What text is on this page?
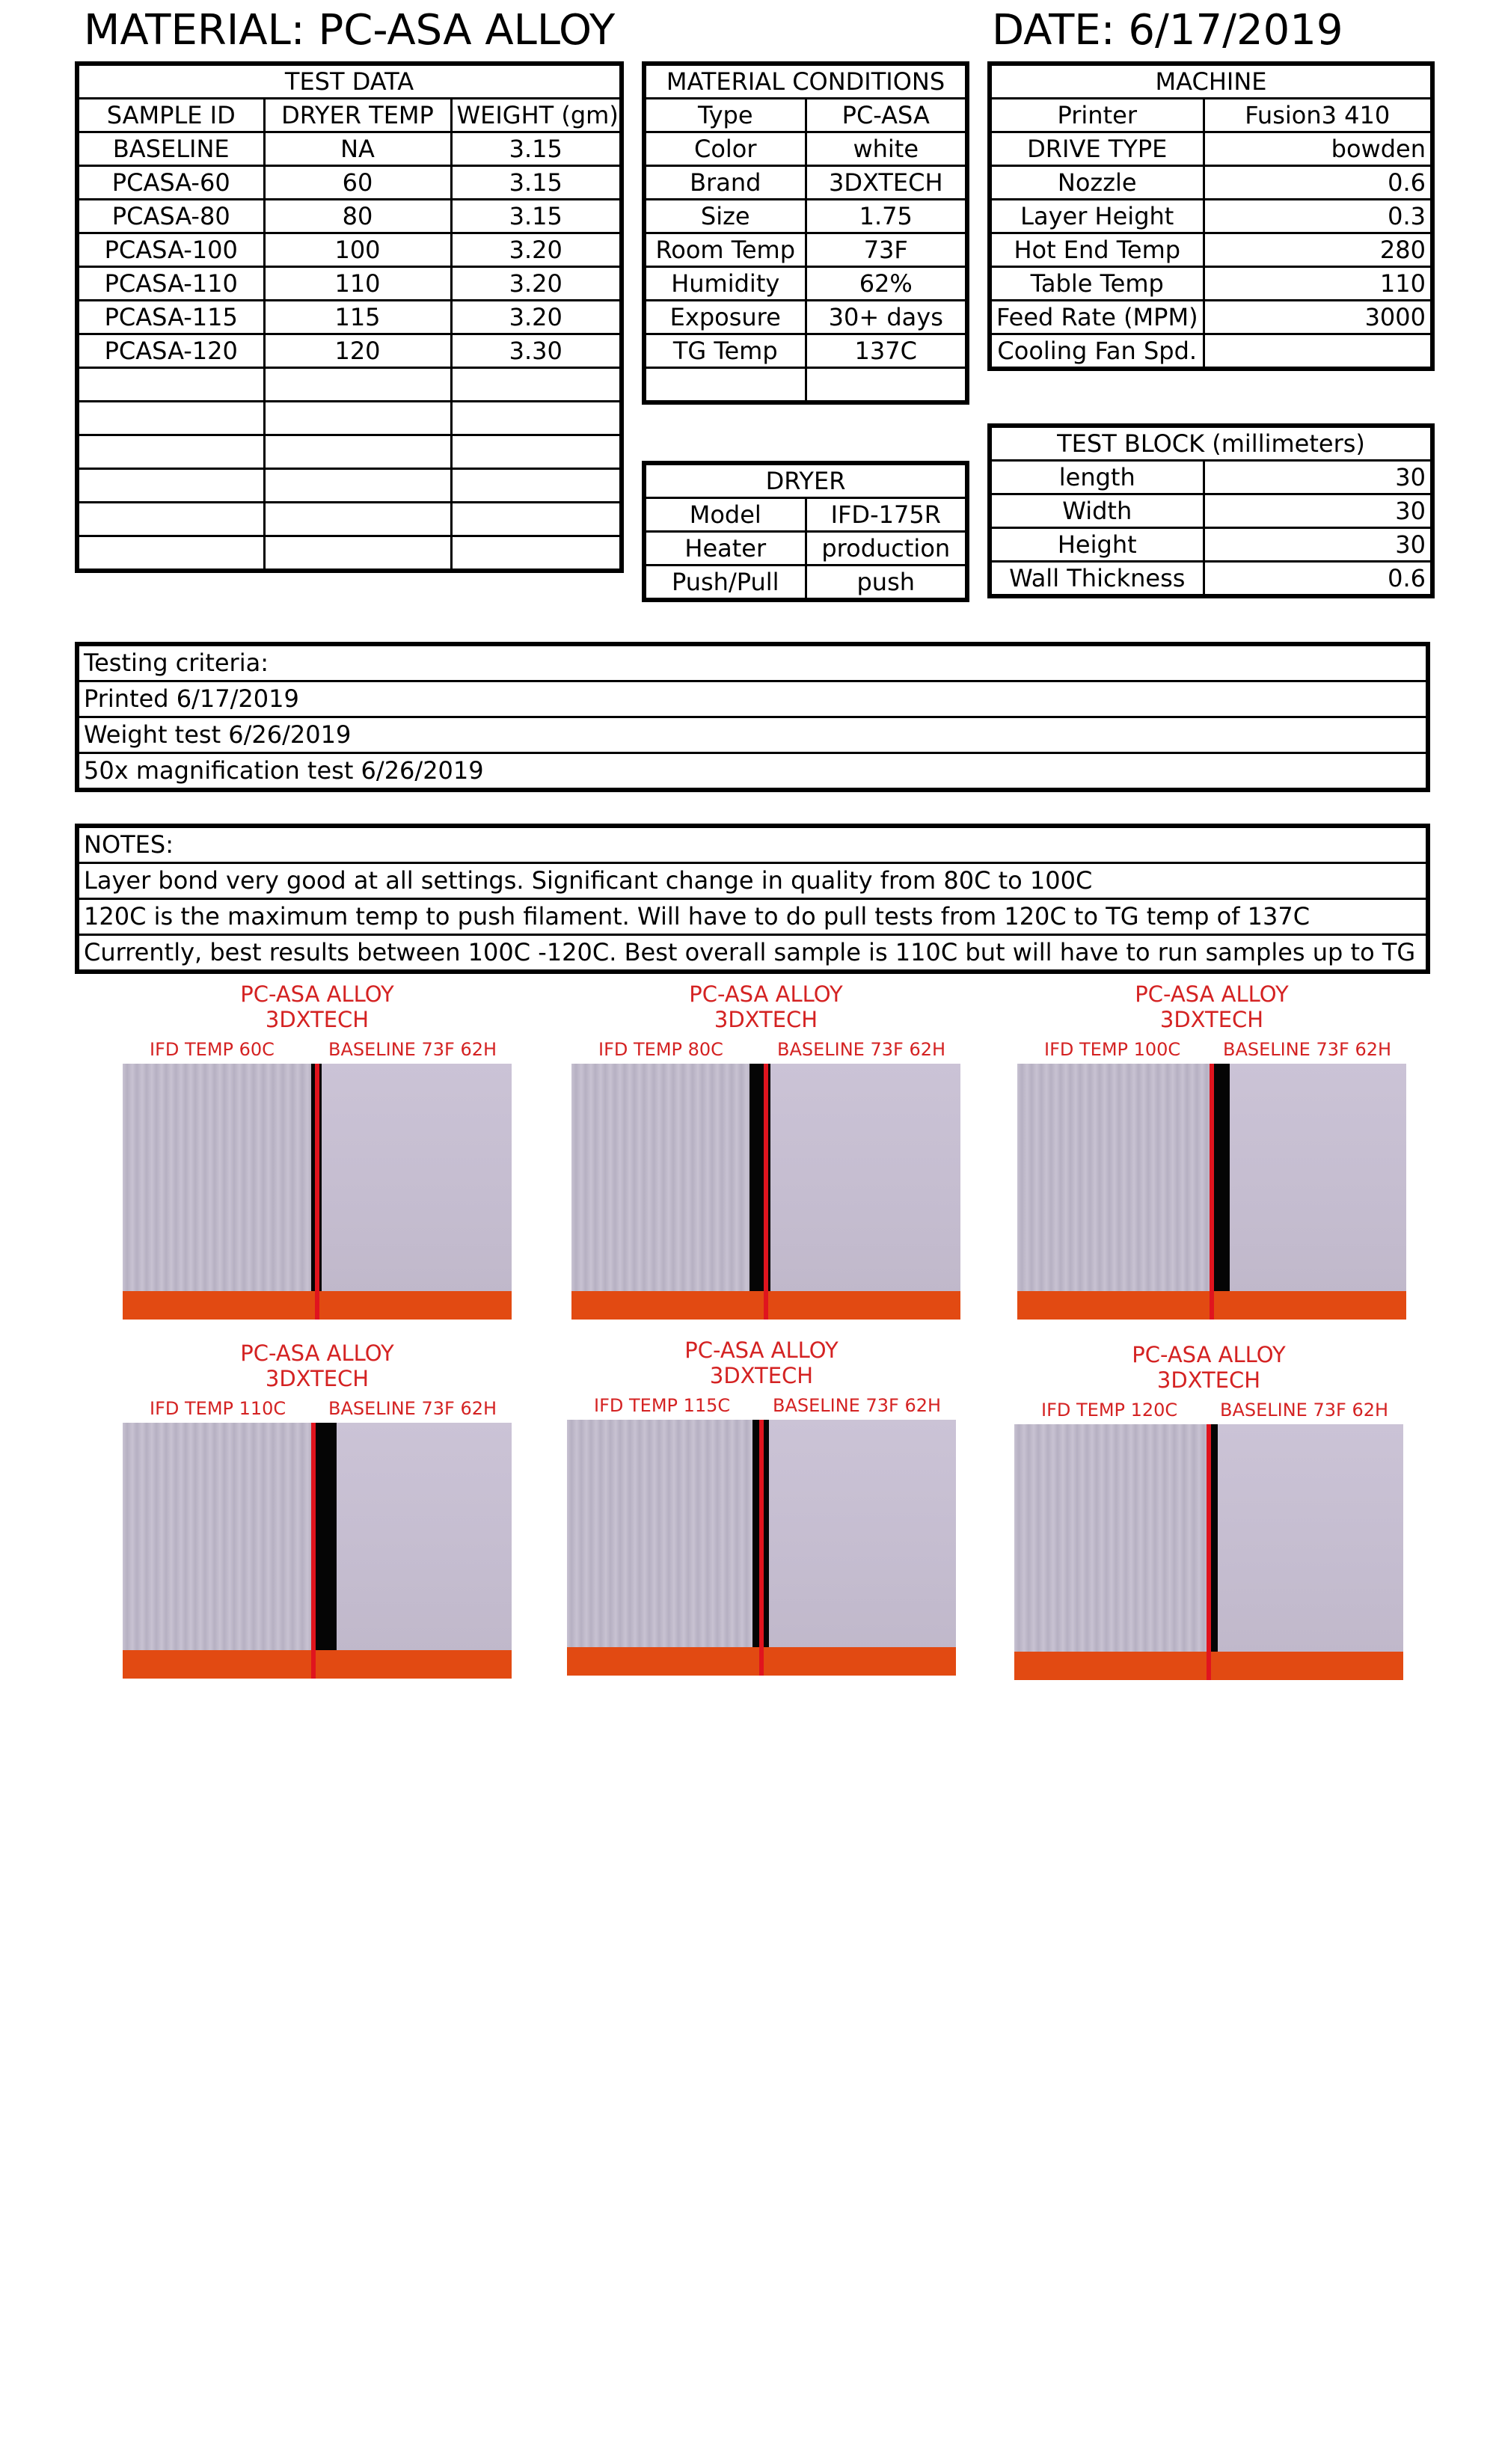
MATERIAL: PC-ASA ALLOY	DATE: 6/17/2019
TEST DATA		
SAMPLE ID	DRYER TEMP	WEIGHT (gm)
BASELINE	NA	3.15
PCASA-60	60	3.15
PCASA-80	80	3.15
PCASA-100	100	3.20
PCASA-110	110	3.20
PCASA-115	115	3.20
PCASA-120	120	3.30

MATERIAL CONDITIONS	
Type	PC-ASA
Color	white
Brand	3DXTECH
Size	1.75
Room Temp	73F
Humidity	62%
Exposure	30+ days
TG Temp	137C

DRYER	
Model	IFD-175R
Heater	production
Push/Pull	push
MACHINE	
Printer	Fusion3 410
DRIVE TYPE	bowden
Nozzle	0.6
Layer Height	0.3
Hot End Temp	280
Table Temp	110
Feed Rate (MPM)	3000
Cooling Fan Spd.	
TEST BLOCK (millimeters)	
length	30
Width	30
Height	30
Wall Thickness	0.6
Testing criteria:
Printed 6/17/2019
Weight test 6/26/2019
50x magnification test 6/26/2019
NOTES:
Layer bond very good at all settings. Significant change in quality from 80C to 100C
120C is the maximum temp to push filament. Will have to do pull tests from 120C to TG temp of 137C
Currently, best results between 100C -120C. Best overall sample is 110C but will have to run samples up to TG
PC-ASA ALLOY
3DXTECH
IFD TEMP 60C	BASELINE 73F 62H
PC-ASA ALLOY
3DXTECH
IFD TEMP 80C	BASELINE 73F 62H
PC-ASA ALLOY
3DXTECH
IFD TEMP 100C BASELINE 73F 62H
PC-ASA ALLOY
3DXTECH
IFD TEMP 110C BASELINE 73F 62H
PC-ASA ALLOY
3DXTECH
IFD TEMP 115C BASELINE 73F 62H
PC-ASA ALLOY
3DXTECH
IFD TEMP 120C BASELINE 73F 62H
